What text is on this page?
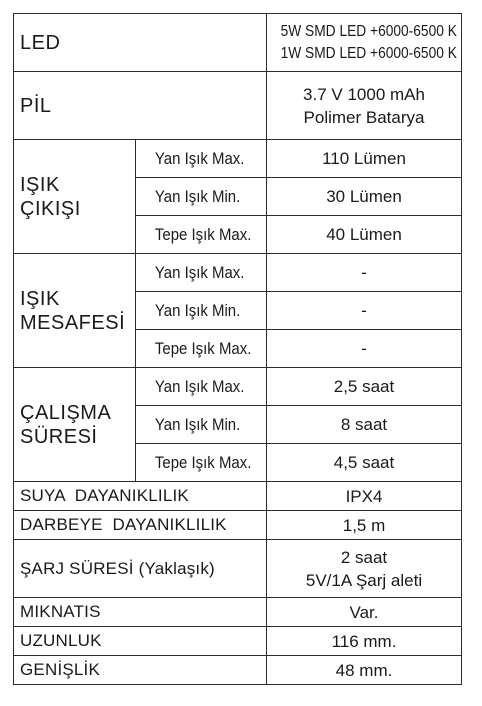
LED		5W SMD LED +6000-6500 K
1W SMD LED +6000-6500 K

PİL		3.7 V 1000 mAh
Polimer Batarya

IŞIK
ÇIKIŞI	Yan Işık Max.	110 Lümen
	Yan Işık Min.	30 Lümen
	Tepe Işık Max.	40 Lümen

IŞIK
MESAFESİ	Yan Işık Max.	-
	Yan Işık Min.	-
	Tepe Işık Max.	-

ÇALIŞMA
SÜRESİ	Yan Işık Max.	2,5 saat
	Yan Işık Min.	8 saat
	Tepe Işık Max.	4,5 saat
SUYA  DAYANIKLILIK		IPX4
DARBEYE  DAYANIKLILIK		1,5 m
ŞARJ SÜRESİ (Yaklaşık)		2 saat
5V/1A Şarj aleti

MIKNATIS		Var.
UZUNLUK		116 mm.
GENİŞLİK		48 mm.
